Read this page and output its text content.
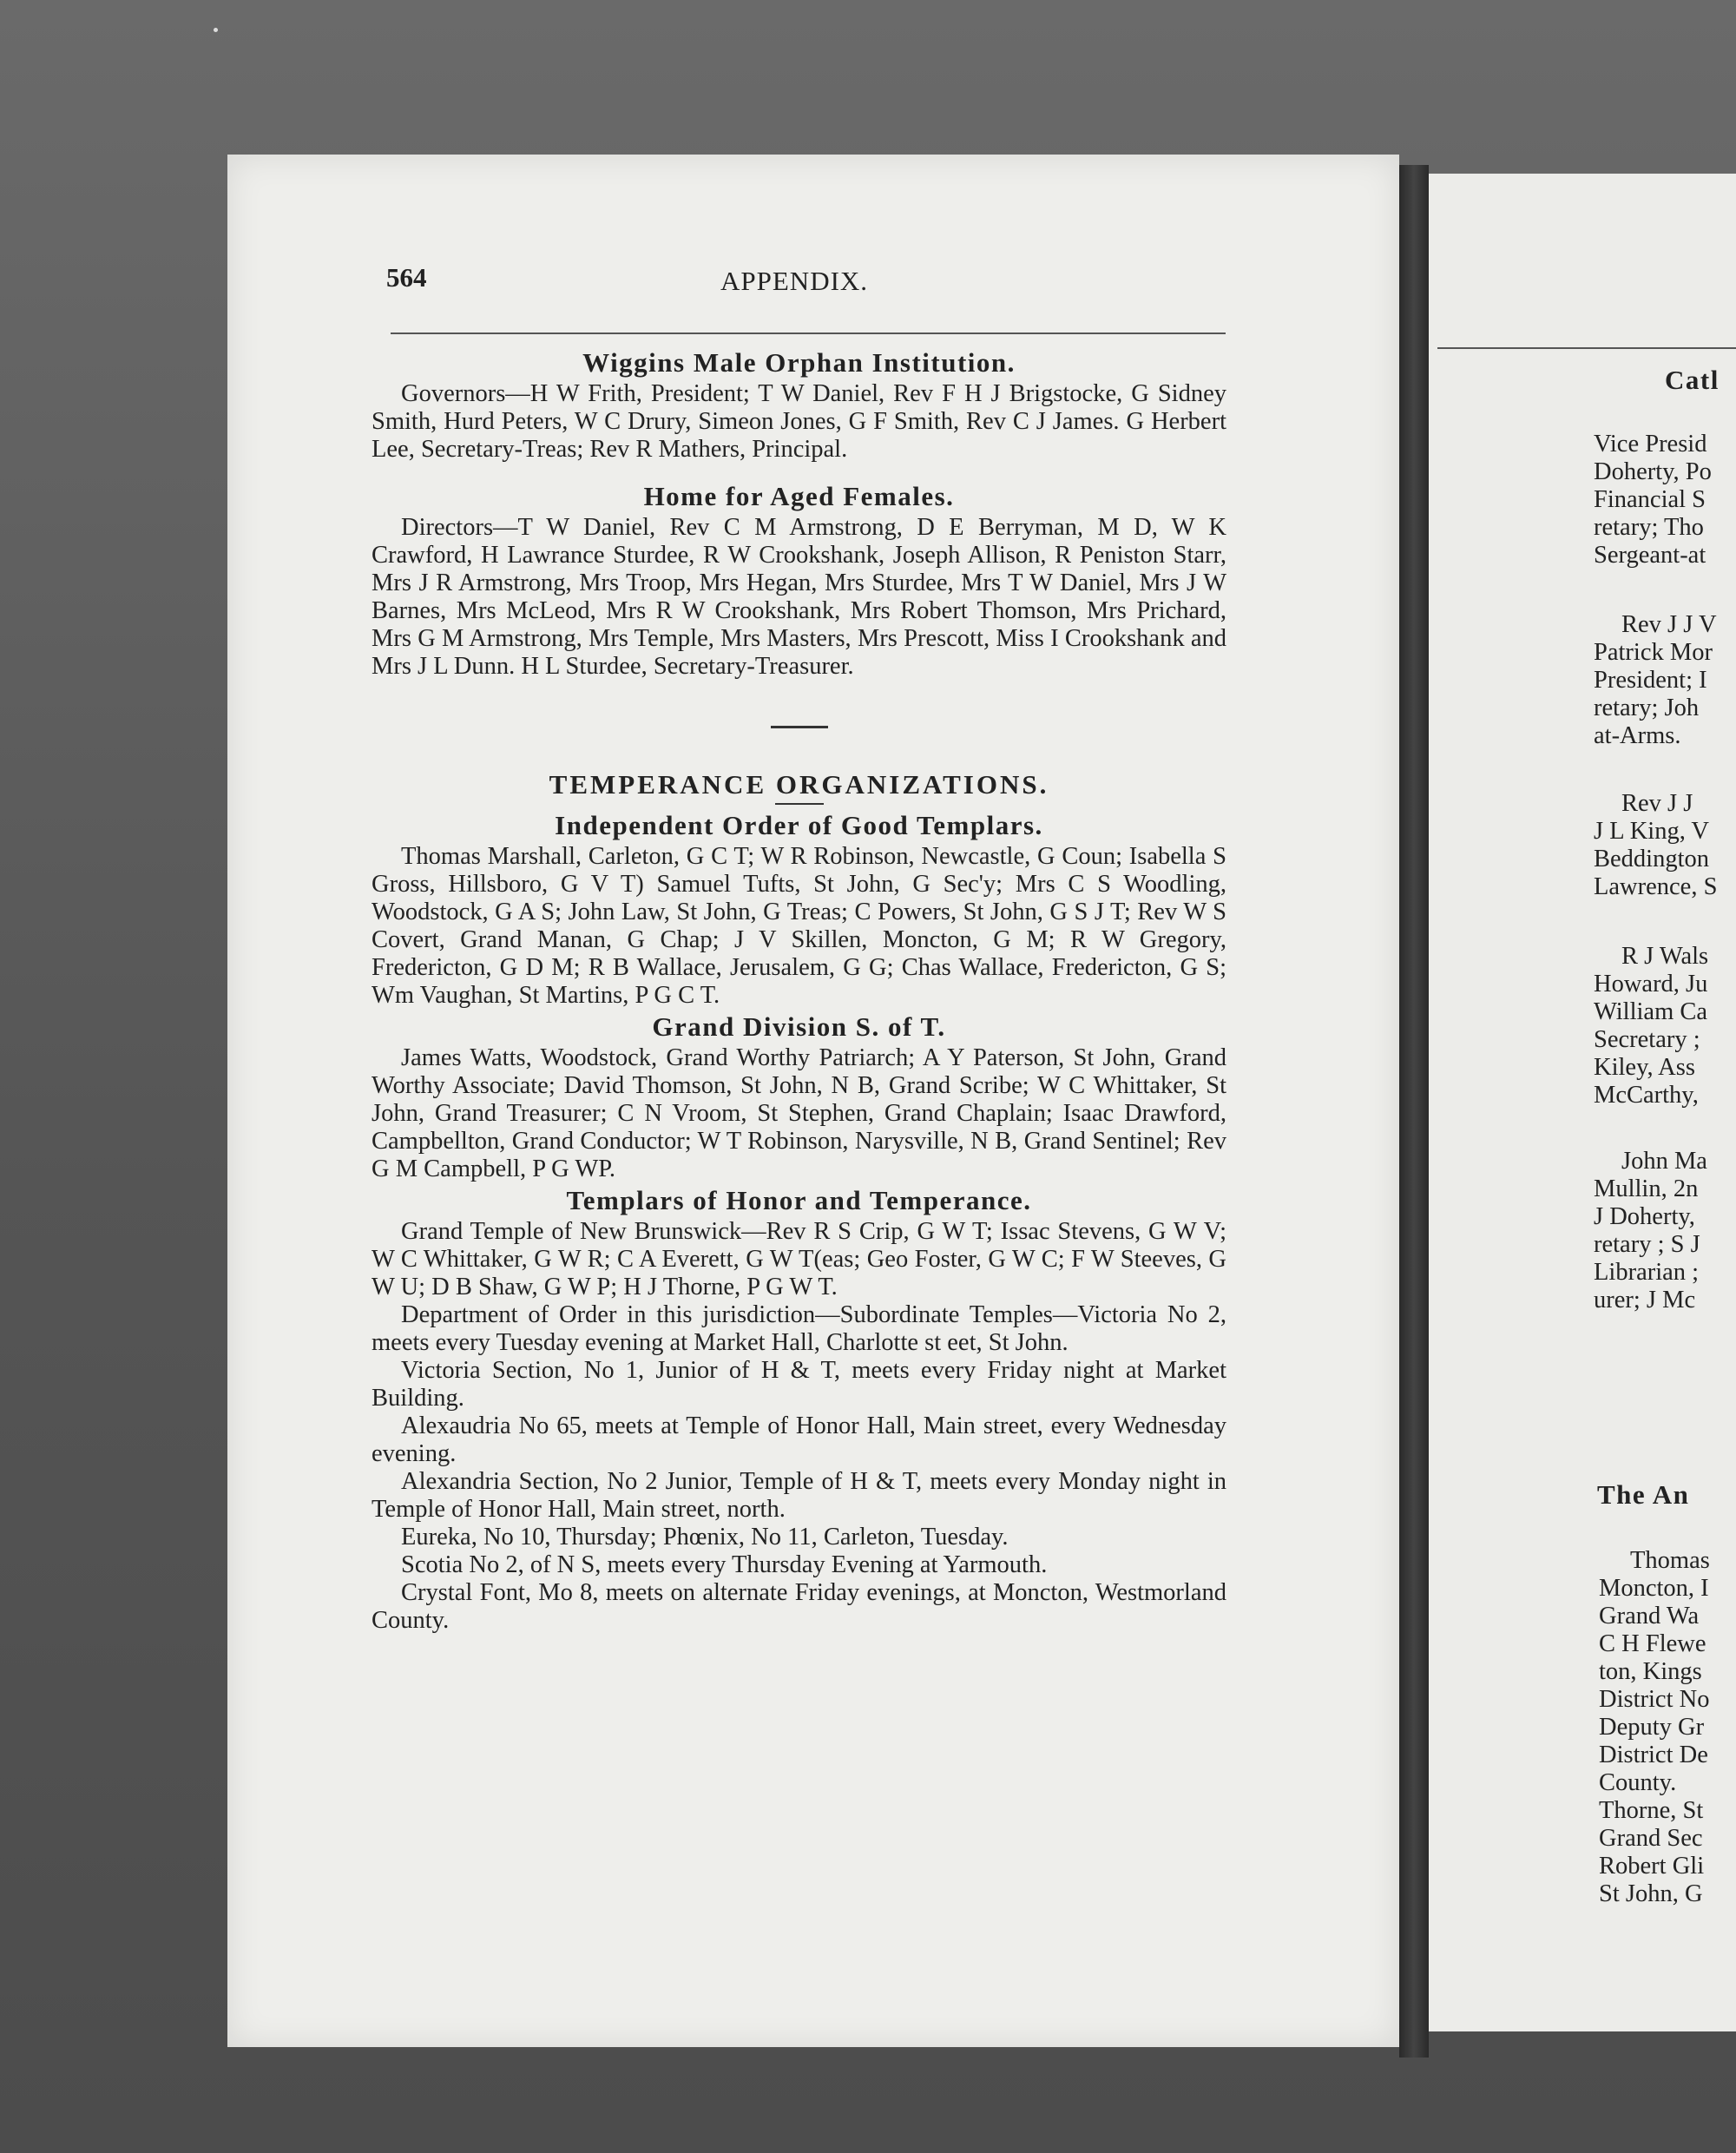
564	APPENDIX.
Wiggins Male Orphan Institution.

Governors—H W Frith, President; T W Daniel, Rev F H J Brigstocke, G Sidney Smith, Hurd Peters, W C Drury, Simeon Jones, G F Smith, Rev C J James. G Herbert Lee, Secretary-Treas; Rev R Mathers, Principal.

Home for Aged Females.

Directors—T W Daniel, Rev C M Armstrong, D E Berryman, M D, W K Crawford, H Lawrance Sturdee, R W Crookshank, Joseph Allison, R Peniston Starr, Mrs J R Armstrong, Mrs Troop, Mrs Hegan, Mrs Sturdee, Mrs T W Daniel, Mrs J W Barnes, Mrs McLeod, Mrs R W Crookshank, Mrs Robert Thomson, Mrs Prichard, Mrs G M Armstrong, Mrs Temple, Mrs Masters, Mrs Prescott, Miss I Crookshank and Mrs J L Dunn. H L Sturdee, Secretary-Treasurer.

TEMPERANCE ORGANIZATIONS.
Independent Order of Good Templars.

Thomas Marshall, Carleton, G C T; W R Robinson, Newcastle, G Coun; Isabella S Gross, Hillsboro, G V T) Samuel Tufts, St John, G Sec'y; Mrs C S Woodling, Woodstock, G A S; John Law, St John, G Treas; C Powers, St John, G S J T; Rev W S Covert, Grand Manan, G Chap; J V Skillen, Moncton, G M; R W Gregory, Fredericton, G D M; R B Wallace, Jerusalem, G G; Chas Wallace, Fredericton, G S; Wm Vaughan, St Martins, P G C T.

Grand Division S. of T.

James Watts, Woodstock, Grand Worthy Patriarch; A Y Paterson, St John, Grand Worthy Associate; David Thomson, St John, N B, Grand Scribe; W C Whittaker, St John, Grand Treasurer; C N Vroom, St Stephen, Grand Chaplain; Isaac Drawford, Campbellton, Grand Conductor; W T Robinson, Narysville, N B, Grand Sentinel; Rev G M Campbell, P G WP.

Templars of Honor and Temperance.

Grand Temple of New Brunswick—Rev R S Crip, G W T; Issac Stevens, G W V; W C Whittaker, G W R; C A Everett, G W T(eas; Geo Foster, G W C; F W Steeves, G W U; D B Shaw, G W P; H J Thorne, P G W T.

Department of Order in this jurisdiction—Subordinate Temples—Victoria No 2, meets every Tuesday evening at Market Hall, Charlotte st eet, St John.

Victoria Section, No 1, Junior of H & T, meets every Friday night at Market Building.

Alexaudria No 65, meets at Temple of Honor Hall, Main street, every Wednesday evening.

Alexandria Section, No 2 Junior, Temple of H & T, meets every Monday night in Temple of Honor Hall, Main street, north.

Eureka, No 10, Thursday; Phœnix, No 11, Carleton, Tuesday.

Scotia No 2, of N S, meets every Thursday Evening at Yarmouth.

Crystal Font, Mo 8, meets on alternate Friday evenings, at Moncton, Westmorland County.

Catl
Vice Presid
Doherty, Po
Financial S
retary; Tho
Sergeant-at
Rev J J V
Patrick Mor
President; I
retary; Joh
at-Arms.
Rev J J
J L King, V
Beddington
Lawrence, S
R J Wals
Howard, Ju
William Ca
Secretary ;
Kiley, Ass
McCarthy,
John Ma
Mullin, 2n
J Doherty,
retary ; S J
Librarian ;
urer; J Mc
The An
Thomas
Moncton, I
Grand Wa
C H Flewe
ton, Kings
District No
Deputy Gr
District De
County.
Thorne, St
Grand Sec
Robert Gli
St John, G
